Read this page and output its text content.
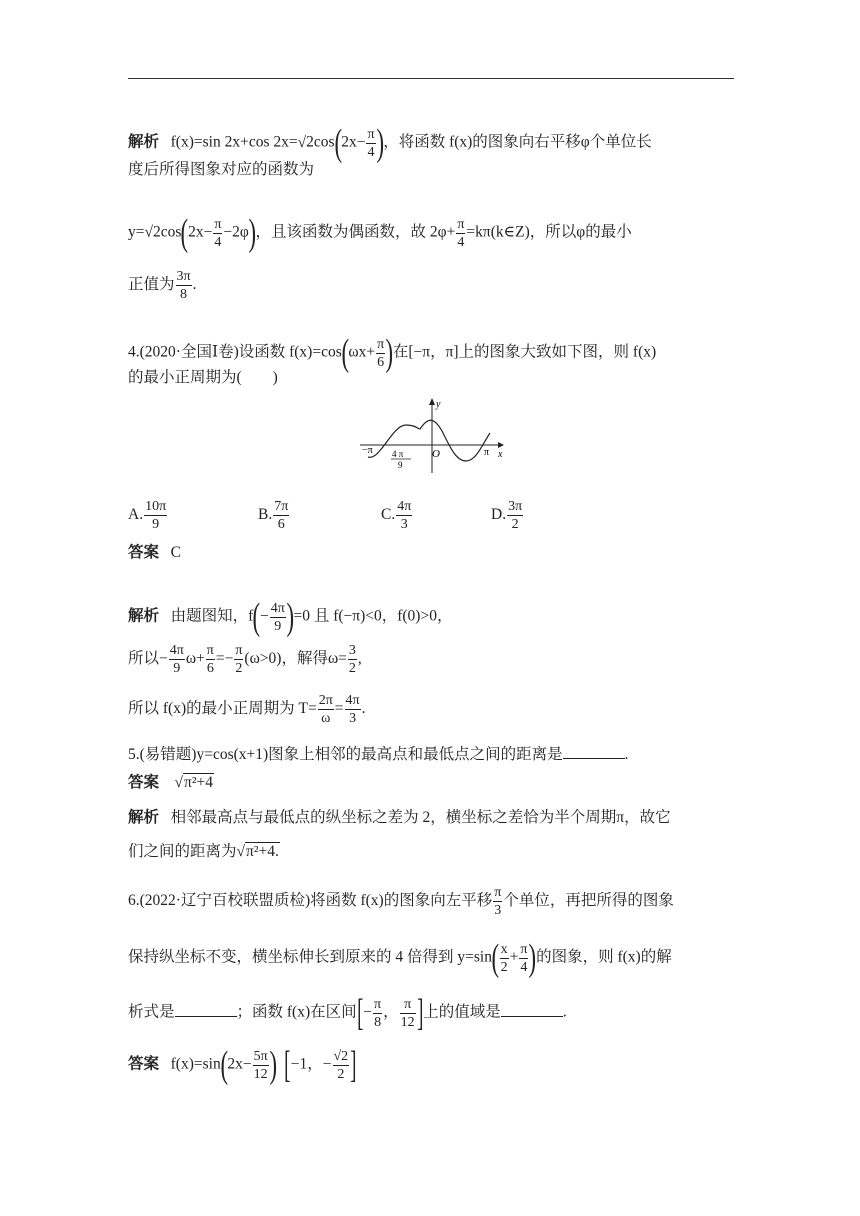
解析 f(x)=sin 2x+cos $2x=√2\cos(2x- \frac{\pi}{4}$ )，将函数 f(x)的图象向右平移φ个单位长
度后所得图象对应的函数为
$y=√2\cos(2x- \frac{\pi}{4} -2\varphi)$，且该函数为偶函数，故 $2\varphi+ \frac{\pi}{4}$ =kπ(k∈Z)，所以φ的最小
正值为 $\frac{3\pi}{8}$ .
4.(2020·全国Ⅰ卷)设函数 $f(x)=\cos(\omega x+ \frac{\pi}{6}$ )在[−π，π]上的图象大致如下图，则 f(x)
的最小正周期为(　　)
y
O	x
−π	π
4 π
9
A. $\frac{10\pi}{9}$	B. $\frac{7\pi}{6}$	C. $\frac{4\pi}{3}$	D. $\frac{3\pi}{2}$
答案 C
解析 由题图知，$f(- \frac{4\pi}{9} )=0$ 且 f(−π)<0，f(0)>0，
所以− $\frac{4\pi}{9} \omega+ \frac{\pi}{6} =- \frac{\pi}{2} (\omega>0)$，解得$\omega= \frac{3}{2}$ ,
所以 f(x)的最小正周期为 $T= \frac{2\pi}{\omega} = \frac{4\pi}{3}$ .
5.(易错题)y=cos(x+1)图象上相邻的最高点和最低点之间的距离是	.
答案    √π²+4
解析 相邻最高点与最低点的纵坐标之差为 2，横坐标之差恰为半个周期π，故它
们之间的距离为√π²+4.
6.(2022·辽宁百校联盟质检)将函数 f(x)的图象向左平移 $\frac{\pi}{3}$ 个单位，再把所得的图象
保持纵坐标不变，横坐标伸长到原来的 4 倍得到 $y=\sin( \frac{x}{2} + \frac{\pi}{4}$ )的图象，则 f(x)的解
析式是	；函数 f(x)在区间[− $\frac{\pi}{8}$ ， $\frac{\pi}{12}$ ]上的值域是	.
答案 $f(x)=\sin(2x- \frac{5\pi}{12}$ ) [−1，− $\frac{√2}{2}$ ]
